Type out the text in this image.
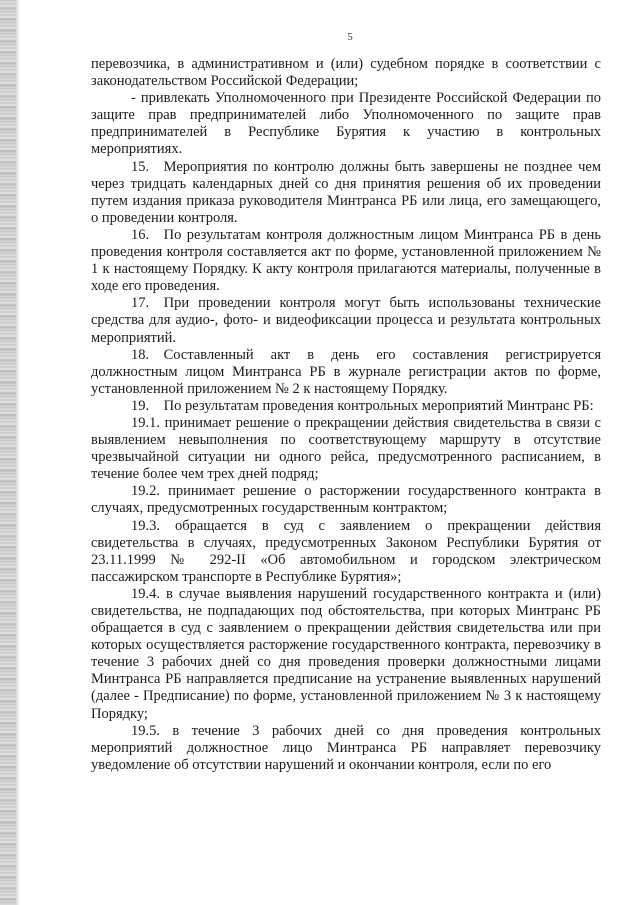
5

перевозчика, в административном и (или) судебном порядке в соответствии с законодательством Российской Федерации;

- привлекать Уполномоченного при Президенте Российской Федерации по защите прав предпринимателей либо Уполномоченного по защите прав предпринимателей в Республике Бурятия к участию в контрольных мероприятиях.

15. Мероприятия по контролю должны быть завершены не позднее чем через тридцать календарных дней со дня принятия решения об их проведении путем издания приказа руководителя Минтранса РБ или лица, его замещающего, о проведении контроля.

16. По результатам контроля должностным лицом Минтранса РБ в день проведения контроля составляется акт по форме, установленной приложением № 1 к настоящему Порядку. К акту контроля прилагаются материалы, полученные в ходе его проведения.

17. При проведении контроля могут быть использованы технические средства для аудио-, фото- и видеофиксации процесса и результата контрольных мероприятий.

18. Составленный акт в день его составления регистрируется должностным лицом Минтранса РБ в журнале регистрации актов по форме, установленной приложением № 2 к настоящему Порядку.

19. По результатам проведения контрольных мероприятий Минтранс РБ:

19.1. принимает решение о прекращении действия свидетельства в связи с выявлением невыполнения по соответствующему маршруту в отсутствие чрезвычайной ситуации ни одного рейса, предусмотренного расписанием, в течение более чем трех дней подряд;

19.2. принимает решение о расторжении государственного контракта в случаях, предусмотренных государственным контрактом;

19.3. обращается в суд с заявлением о прекращении действия свидетельства в случаях, предусмотренных Законом Республики Бурятия от 23.11.1999 № 292-II «Об автомобильном и городском электрическом пассажирском транспорте в Республике Бурятия»;

19.4. в случае выявления нарушений государственного контракта и (или) свидетельства, не подпадающих под обстоятельства, при которых Минтранс РБ обращается в суд с заявлением о прекращении действия свидетельства или при которых осуществляется расторжение государственного контракта, перевозчику в течение 3 рабочих дней со дня проведения проверки должностными лицами Минтранса РБ направляется предписание на устранение выявленных нарушений (далее - Предписание) по форме, установленной приложением № 3 к настоящему Порядку;

19.5. в течение 3 рабочих дней со дня проведения контрольных мероприятий должностное лицо Минтранса РБ направляет перевозчику уведомление об отсутствии нарушений и окончании контроля, если по его
